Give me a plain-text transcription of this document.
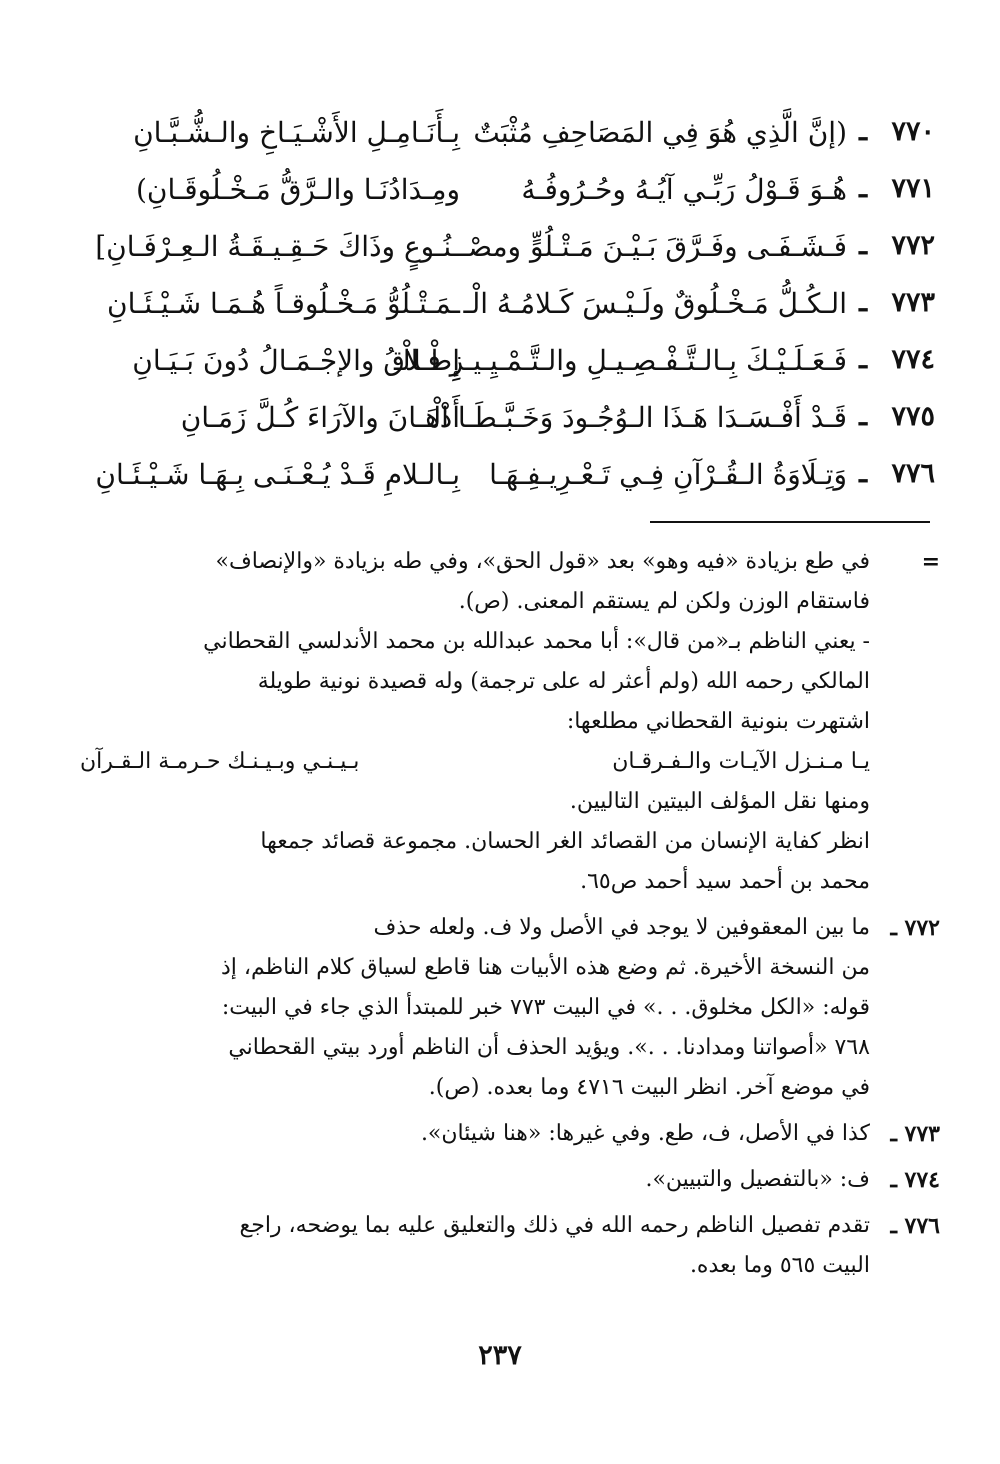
٧٧٠
ـ
(إنَّ الَّذِي هُوَ فِي المَصَاحِفِ مُثْبَتٌ
بِـأَنَـامِـلِ الأَشْـيَـاخِ والـشُّـبَّـانِ
٧٧١
ـ
هُـوَ قَـوْلُ رَبِّـي آيُـهُ وحُـرُوفُـهُ
ومِـدَادُنَـا والـرَّقُّ مَـخْـلُوقَـانِ)
٧٧٢
ـ
فَـشَـفَـى وفَـرَّقَ بَـيْـنَ مَـتْـلُوٍّ ومصْـ
ـنُـوعٍ وذَاكَ حَـقِـيـقَـةُ الـعِـرْفَـانِ]
٧٧٣
ـ
الـكُـلُّ مَـخْـلُوقٌ ولَـيْـسَ كَـلامُـهُ الْـ
ـمَـتْـلُوُّ مَـخْـلُوقـاً هُـمَـا شَـيْـئَـانِ
٧٧٤
ـ
فَـعَـلَـيْـكَ بِـالـتَّـفْـصِـيـلِ والـتَّـمْـيِـيـزِ فـالْـ
إِطْـلاقُ والإجْـمَـالُ دُونَ بَـيَـانِ
٧٧٥
ـ
قَـدْ أَفْـسَـدَا هَـذَا الـوُجُـودَ وَخَـبَّـطَـا الْـ
أَذْهَـانَ والآرَاءَ كُـلَّ زَمَـانِ
٧٧٦
ـ
وَتِـلَاوَةُ الـقُـرْآنِ فِـي تَـعْـرِيـفِـهَـا
بِـالـلامِ قَـدْ يُـعْـنَـى بِـهَـا شَـيْـئَـانِ
=

في طع بزيادة «فيه وهو» بعد «قول الحق»، وفي طه بزيادة «والإنصاف»

فاستقام الوزن ولكن لم يستقم المعنى. (ص).

- يعني الناظم بـ«من قال»: أبا محمد عبدالله بن محمد الأندلسي القحطاني

المالكي رحمه الله (ولم أعثر له على ترجمة) وله قصيدة نونية طويلة

اشتهرت بنونية القحطاني مطلعها:

يـا مـنـزل الآيـات والـفـرقـان
بـيـنـي وبـيـنـك حـرمـة الـقـرآن

ومنها نقل المؤلف البيتين التاليين.

انظر كفاية الإنسان من القصائد الغر الحسان. مجموعة قصائد جمعها

محمد بن أحمد سيد أحمد ص٦٥.

٧٧٢ ـ

ما بين المعقوفين لا يوجد في الأصل ولا ف. ولعله حذف

من النسخة الأخيرة. ثم وضع هذه الأبيات هنا قاطع لسياق كلام الناظم، إذ

قوله: «الكل مخلوق. . .» في البيت ٧٧٣ خبر للمبتدأ الذي جاء في البيت:

٧٦٨ «أصواتنا ومدادنا. . .». ويؤيد الحذف أن الناظم أورد بيتي القحطاني

في موضع آخر. انظر البيت ٤٧١٦ وما بعده. (ص).

٧٧٣ ـ

كذا في الأصل، ف، طع. وفي غيرها: «هنا شيئان».

٧٧٤ ـ

ف: «بالتفصيل والتبيين».

٧٧٦ ـ

تقدم تفصيل الناظم رحمه الله في ذلك والتعليق عليه بما يوضحه، راجع

البيت ٥٦٥ وما بعده.

٢٣٧
